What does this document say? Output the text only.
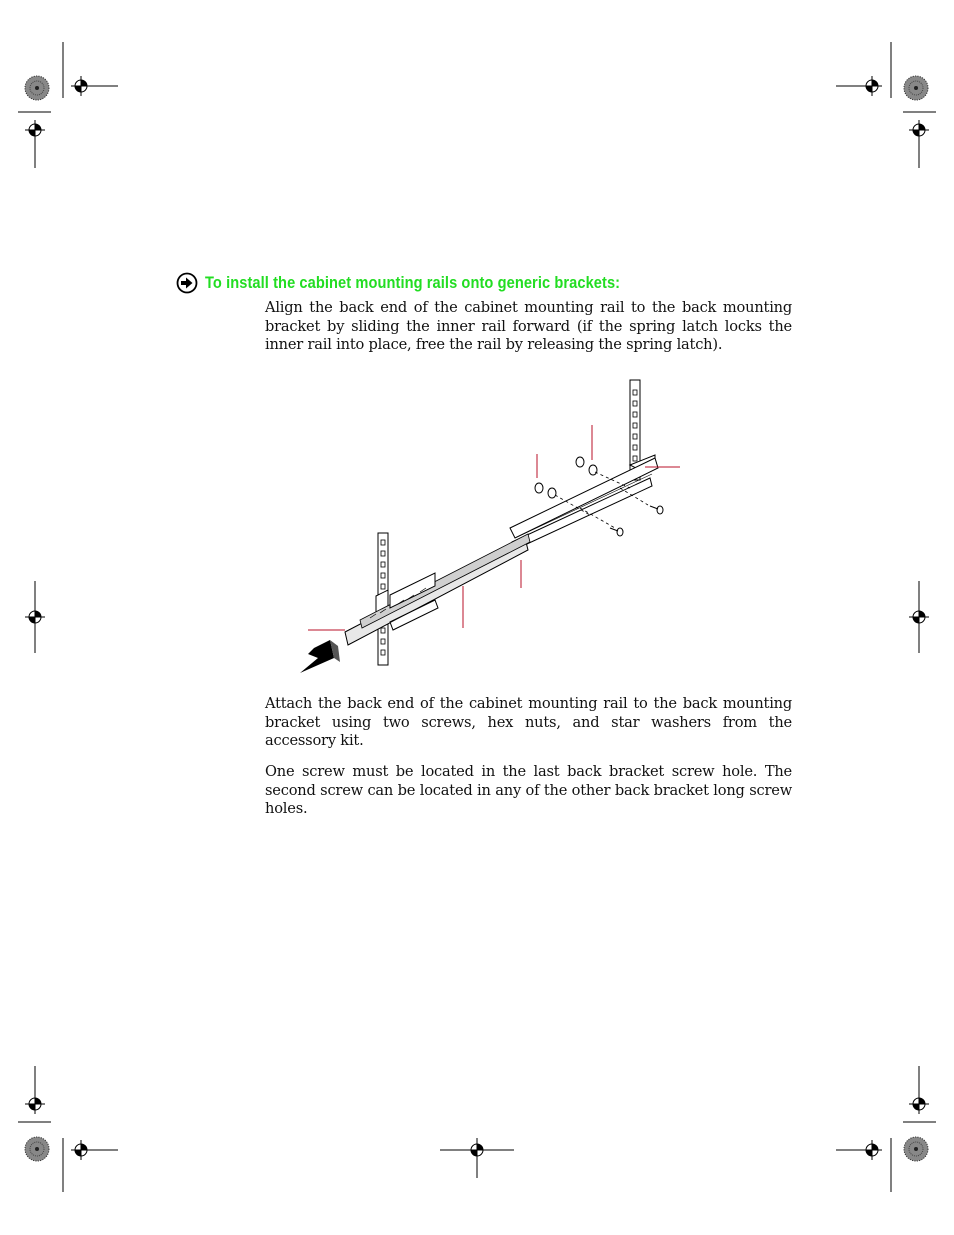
To install the cabinet mounting rails onto generic brackets:

Align the back end of the cabinet mounting rail to the back mounting bracket by sliding the inner rail forward (if the spring latch locks the inner rail into place, free the rail by releasing the spring latch).

Attach the back end of the cabinet mounting rail to the back mounting bracket using two screws, hex nuts, and star washers from the accessory kit.

One screw must be located in the last back bracket screw hole. The second screw can be located in any of the other back bracket long screw holes.
